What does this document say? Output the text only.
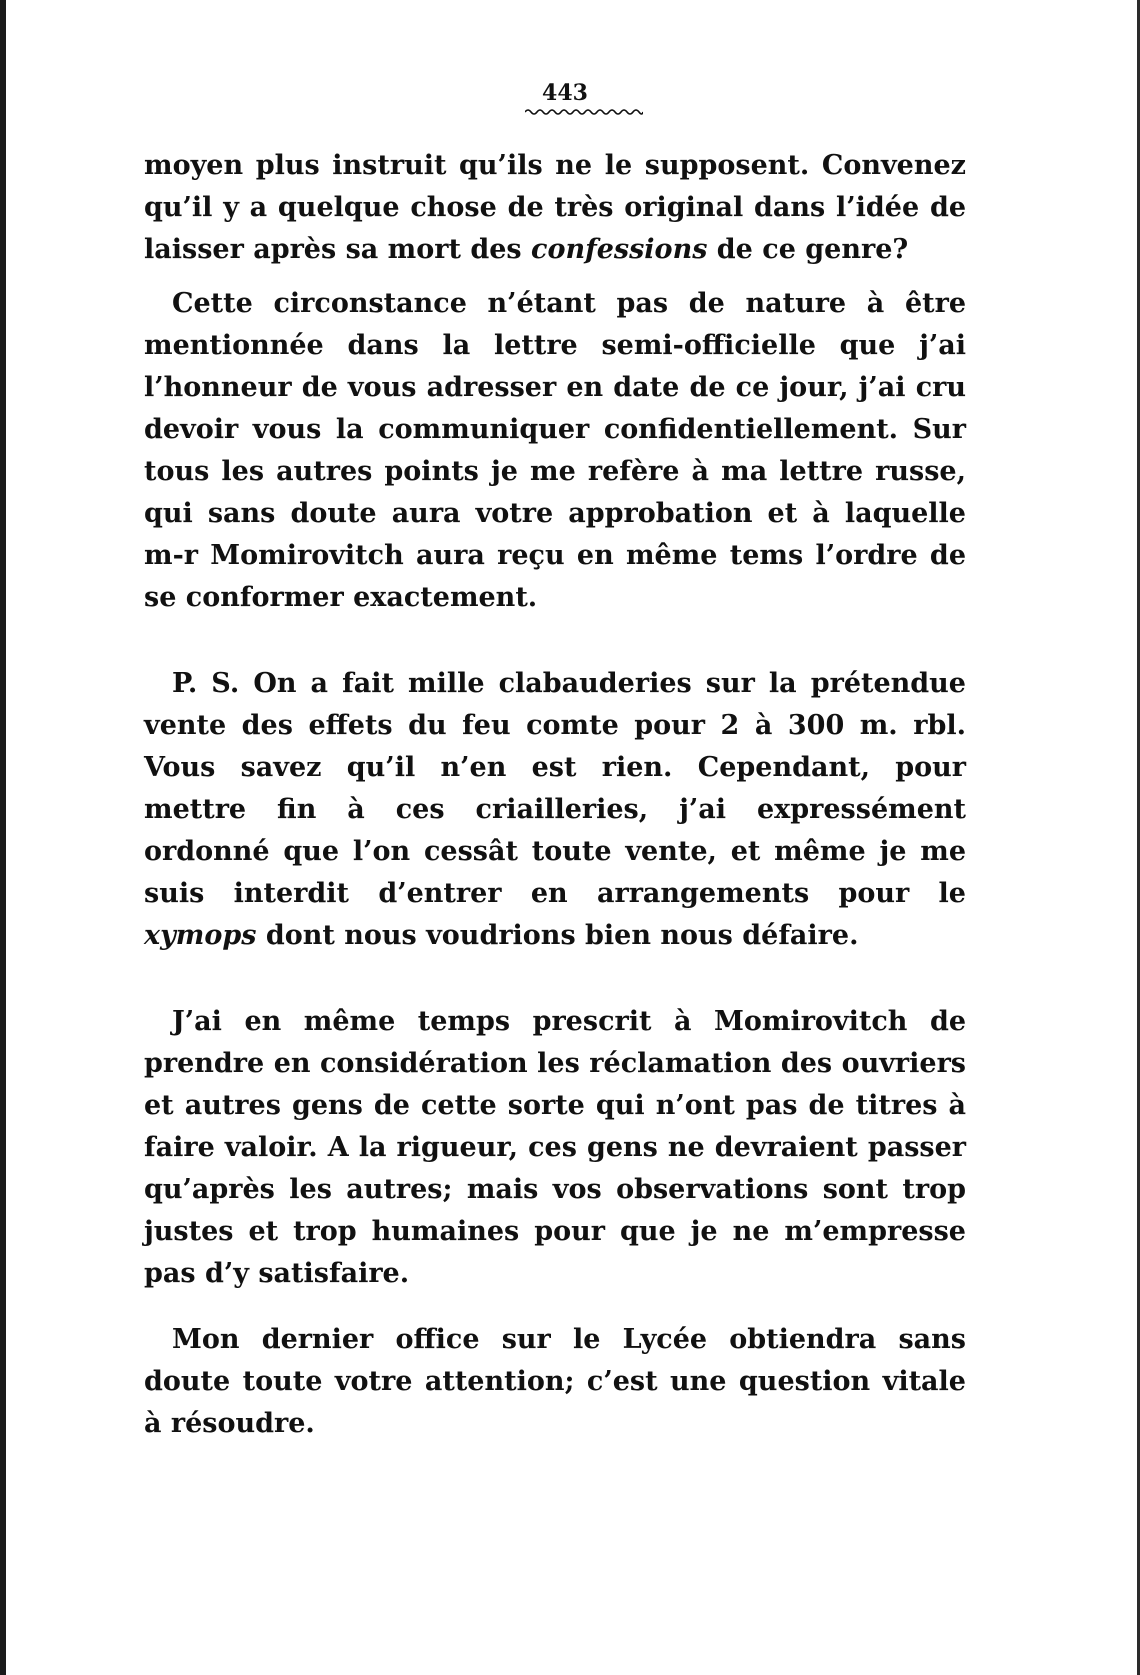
443

moyen plus instruit qu’ils ne le supposent. Convenez qu’il y a quelque chose de très original dans l’idée de laisser après sa mort des confessions de ce genre?

Cette circonstance n’étant pas de nature à être mentionnée dans la lettre semi-officielle que j’ai l’honneur de vous adresser en date de ce jour, j’ai cru devoir vous la communiquer confidentiellement. Sur tous les autres points je me refère à ma lettre russe, qui sans doute aura votre approbation et à laquelle m-r Momirovitch aura reçu en même tems l’ordre de se conformer exactement.

P. S. On a fait mille clabauderies sur la prétendue vente des effets du feu comte pour 2 à 300 m. rbl. Vous savez qu’il n’en est rien. Cependant, pour mettre fin à ces criailleries, j’ai expressément ordonné que l’on cessât toute vente, et même je me suis interdit d’entrer en arrangements pour le xymops dont nous voudrions bien nous défaire.

J’ai en même temps prescrit à Momirovitch de prendre en considération les réclamation des ouvriers et autres gens de cette sorte qui n’ont pas de titres à faire valoir. A la rigueur, ces gens ne devraient passer qu’après les autres; mais vos observations sont trop justes et trop humaines pour que je ne m’empresse pas d’y satisfaire.

Mon dernier office sur le Lycée obtiendra sans doute toute votre attention; c’est une question vitale à résoudre.
